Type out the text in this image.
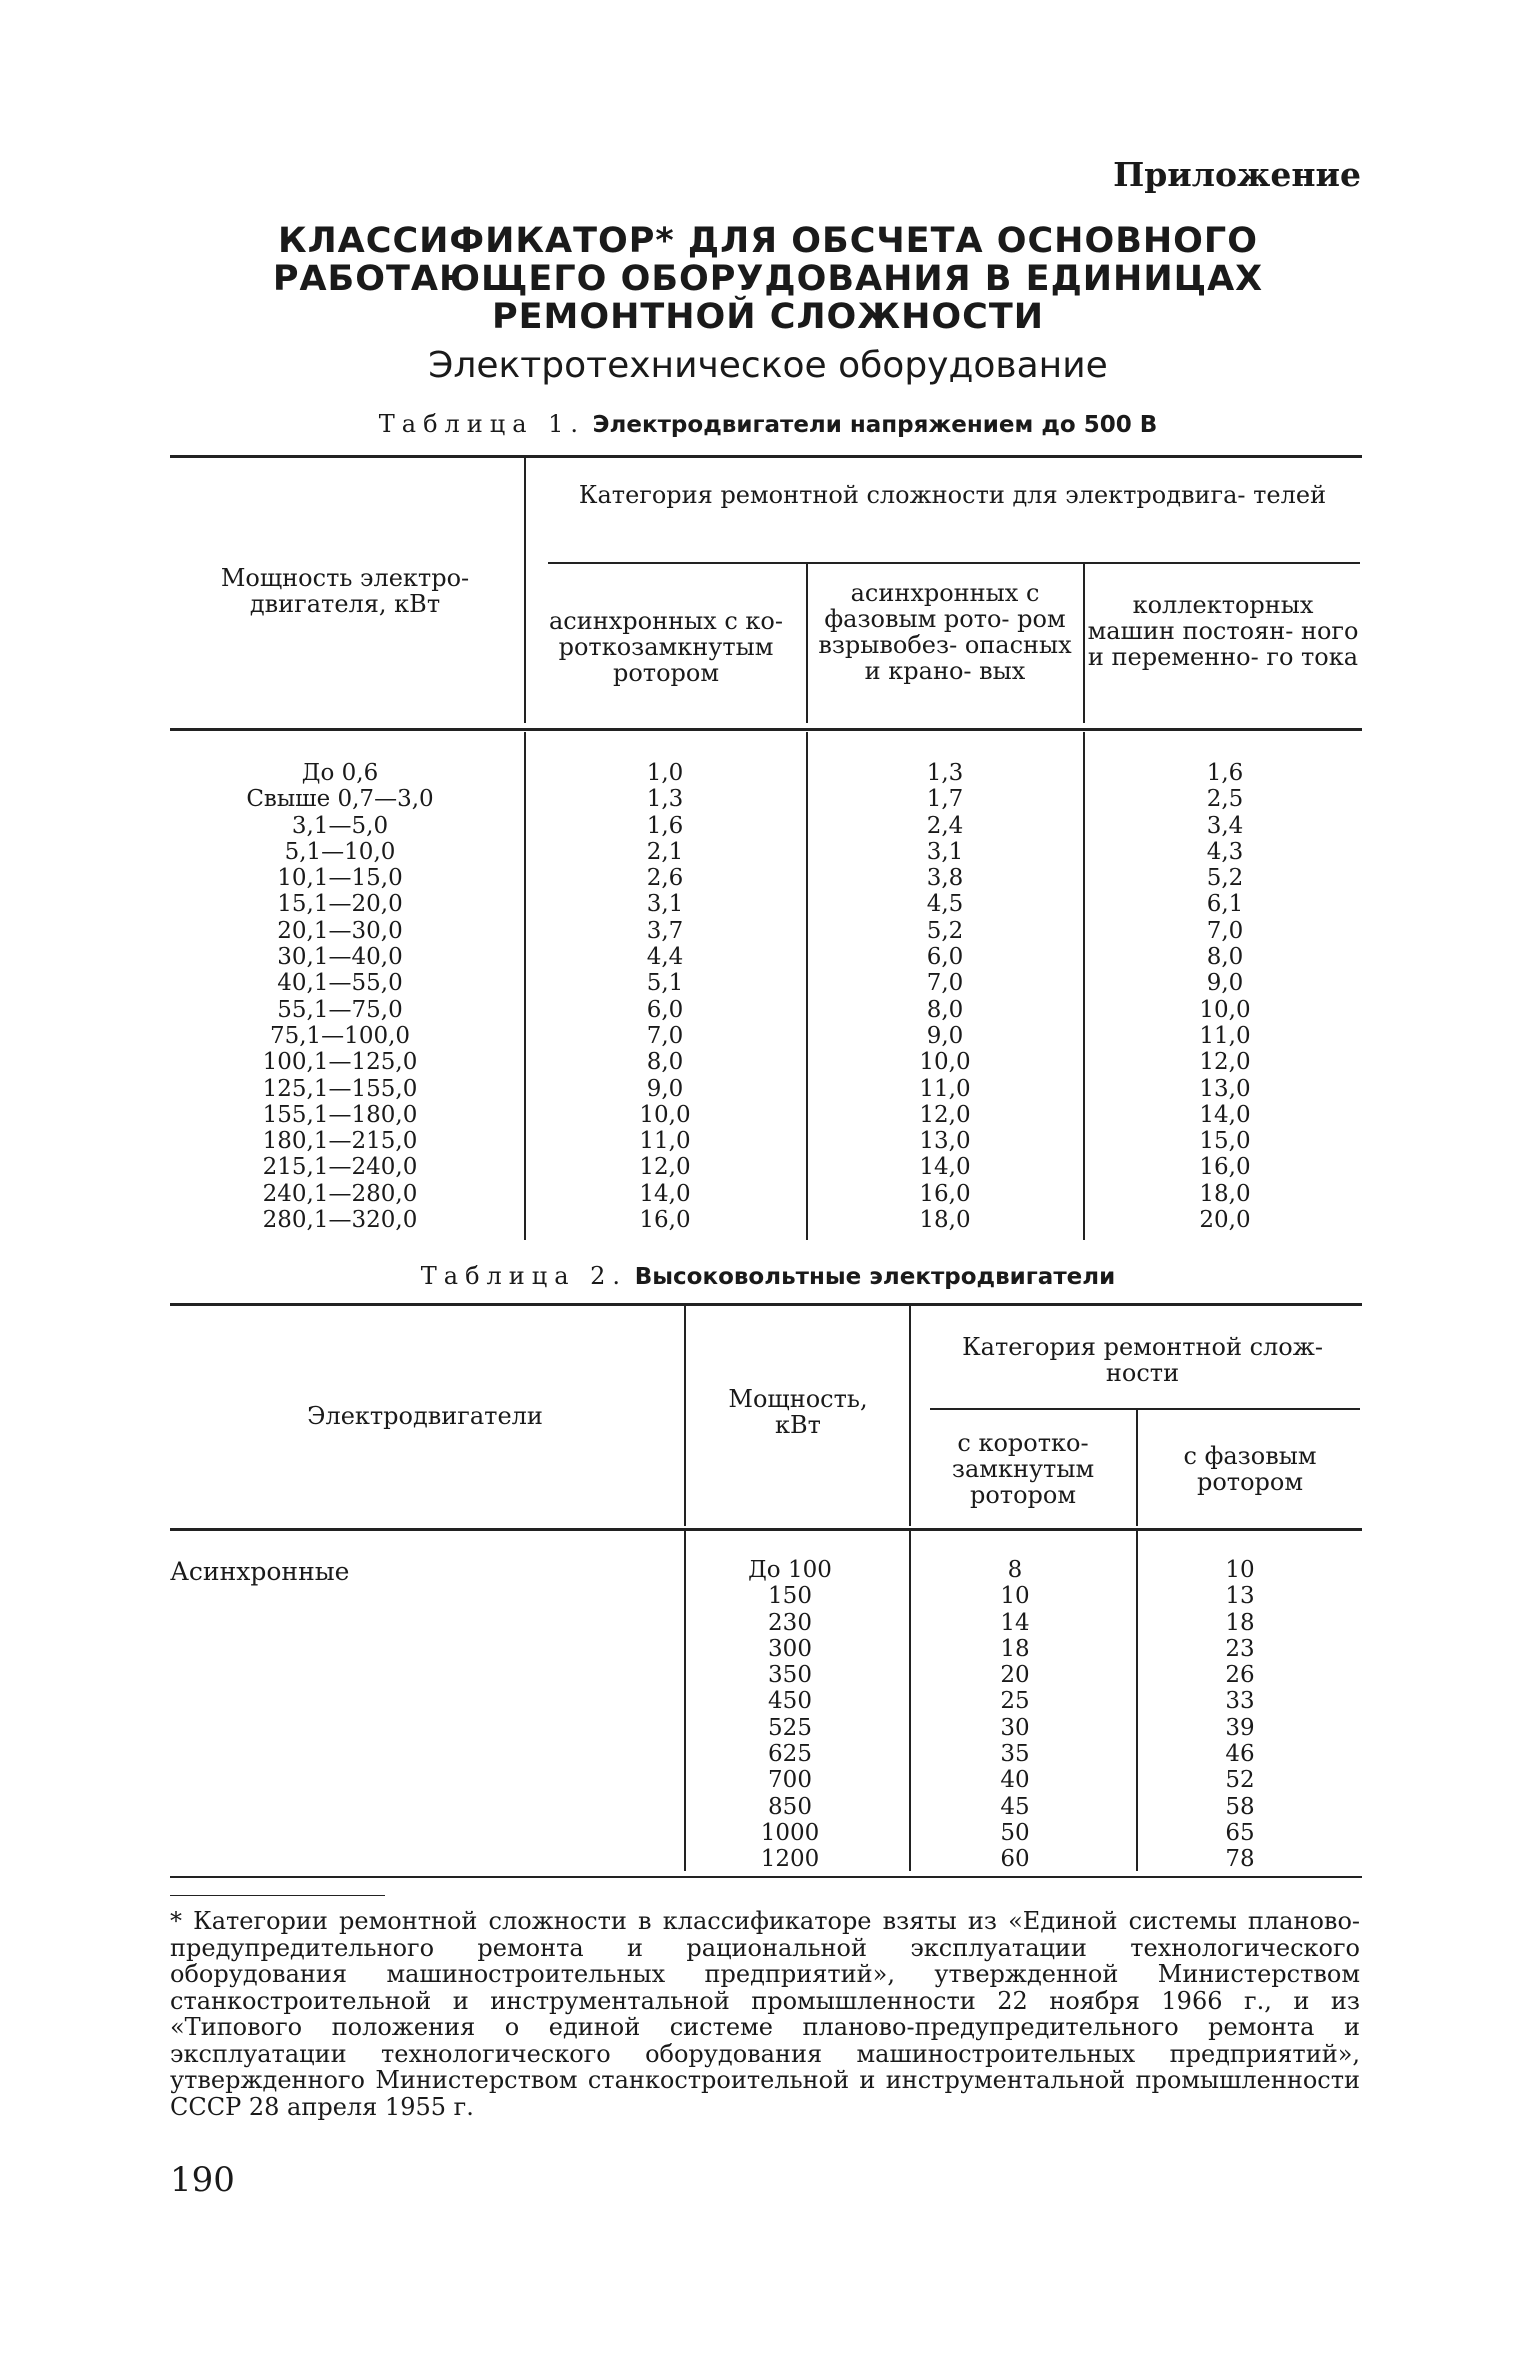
Приложение
КЛАССИФИКАТОР* ДЛЯ ОБСЧЕТА ОСНОВНОГО
РАБОТАЮЩЕГО ОБОРУДОВАНИЯ В ЕДИНИЦАХ
РЕМОНТНОЙ СЛОЖНОСТИ
Электротехническое оборудование
Таблица 1. Электродвигатели напряжением до 500 В
Мощность электро- двигателя, кВт
Категория ремонтной сложности для электродвига- телей
асинхронных с ко- роткозамкнутым ротором
асинхронных с фазовым рото- ром взрывобез- опасных и крано- вых
коллекторных машин постоян- ного и переменно- го тока
До 0,6
Свыше 0,7—3,0
3,1—5,0
5,1—10,0
10,1—15,0
15,1—20,0
20,1—30,0
30,1—40,0
40,1—55,0
55,1—75,0
75,1—100,0
100,1—125,0
125,1—155,0
155,1—180,0
180,1—215,0
215,1—240,0
240,1—280,0
280,1—320,0
1,0
1,3
1,6
2,1
2,6
3,1
3,7
4,4
5,1
6,0
7,0
8,0
9,0
10,0
11,0
12,0
14,0
16,0
1,3
1,7
2,4
3,1
3,8
4,5
5,2
6,0
7,0
8,0
9,0
10,0
11,0
12,0
13,0
14,0
16,0
18,0
1,6
2,5
3,4
4,3
5,2
6,1
7,0
8,0
9,0
10,0
11,0
12,0
13,0
14,0
15,0
16,0
18,0
20,0
Таблица 2. Высоковольтные электродвигатели
Электродвигатели
Мощность, кВт
Категория ремонтной слож- ности
с коротко- замкнутым ротором
с фазовым ротором
Асинхронные	До 100
150
230
300
350
450
525
625
700
850
1000
1200
8
10
14
18
20
25
30
35
40
45
50
60
10
13
18
23
26
33
39
46
52
58
65
78
* Категории ремонтной сложности в классификаторе взяты из «Единой системы планово-предупредительного ремонта и рациональной эксплуатации технологического оборудования машиностроительных предприятий», утвержденной Министерством станкостроительной и инструментальной промышленности 22 ноября 1966 г., и из «Типового положения о единой системе планово-предупредительного ремонта и эксплуатации технологического оборудования машиностроительных предприятий», утвержденного Министерством станкостроительной и инструментальной промышленности СССР 28 апреля 1955 г.
190
